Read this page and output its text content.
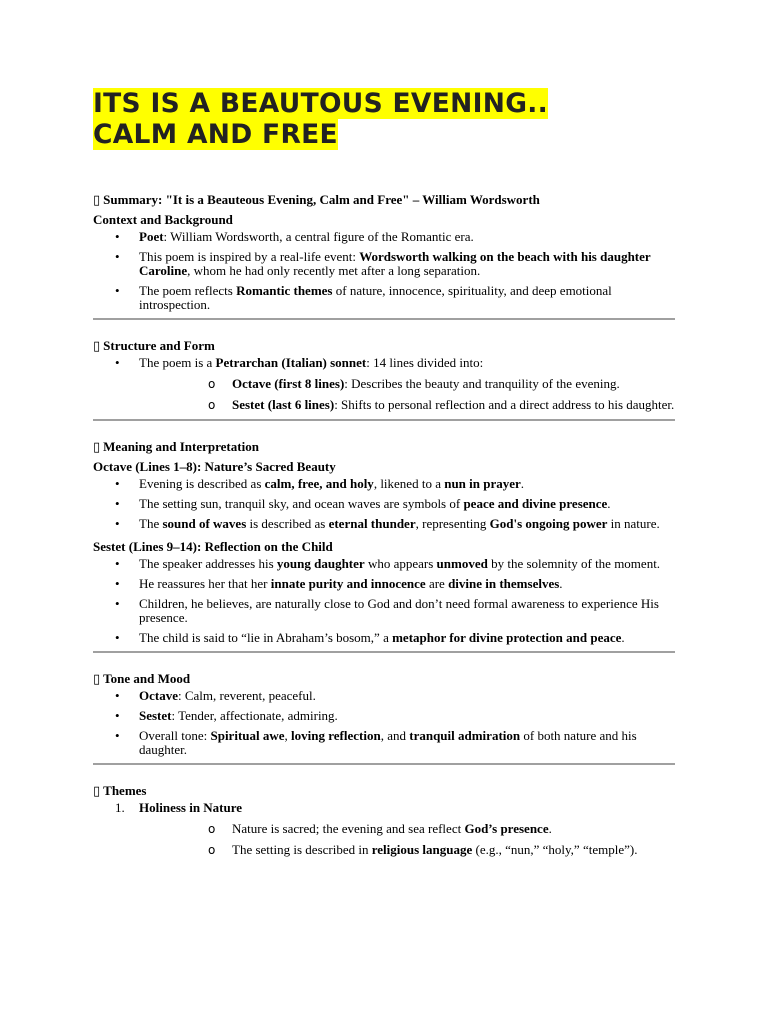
ITS IS A BEAUTOUS EVENING..
CALM AND FREE
▯ Summary: "It is a Beauteous Evening, Calm and Free" – William Wordsworth
Context and Background
• Poet: William Wordsworth, a central figure of the Romantic era.
• This poem is inspired by a real-life event: Wordsworth walking on the beach with his daughter Caroline, whom he had only recently met after a long separation.
• The poem reflects Romantic themes of nature, innocence, spirituality, and deep emotional introspection.
▯ Structure and Form
• The poem is a Petrarchan (Italian) sonnet: 14 lines divided into:
o Octave (first 8 lines): Describes the beauty and tranquility of the evening.
o Sestet (last 6 lines): Shifts to personal reflection and a direct address to his daughter.
▯ Meaning and Interpretation
Octave (Lines 1–8): Nature’s Sacred Beauty
• Evening is described as calm, free, and holy, likened to a nun in prayer.
• The setting sun, tranquil sky, and ocean waves are symbols of peace and divine presence.
• The sound of waves is described as eternal thunder, representing God's ongoing power in nature.
Sestet (Lines 9–14): Reflection on the Child
• The speaker addresses his young daughter who appears unmoved by the solemnity of the moment.
• He reassures her that her innate purity and innocence are divine in themselves.
• Children, he believes, are naturally close to God and don’t need formal awareness to experience His presence.
• The child is said to “lie in Abraham’s bosom,” a metaphor for divine protection and peace.
▯ Tone and Mood
• Octave: Calm, reverent, peaceful.
• Sestet: Tender, affectionate, admiring.
• Overall tone: Spiritual awe, loving reflection, and tranquil admiration of both nature and his daughter.
▯ Themes
1. Holiness in Nature
o Nature is sacred; the evening and sea reflect God’s presence.
o The setting is described in religious language (e.g., “nun,” “holy,” “temple”).
